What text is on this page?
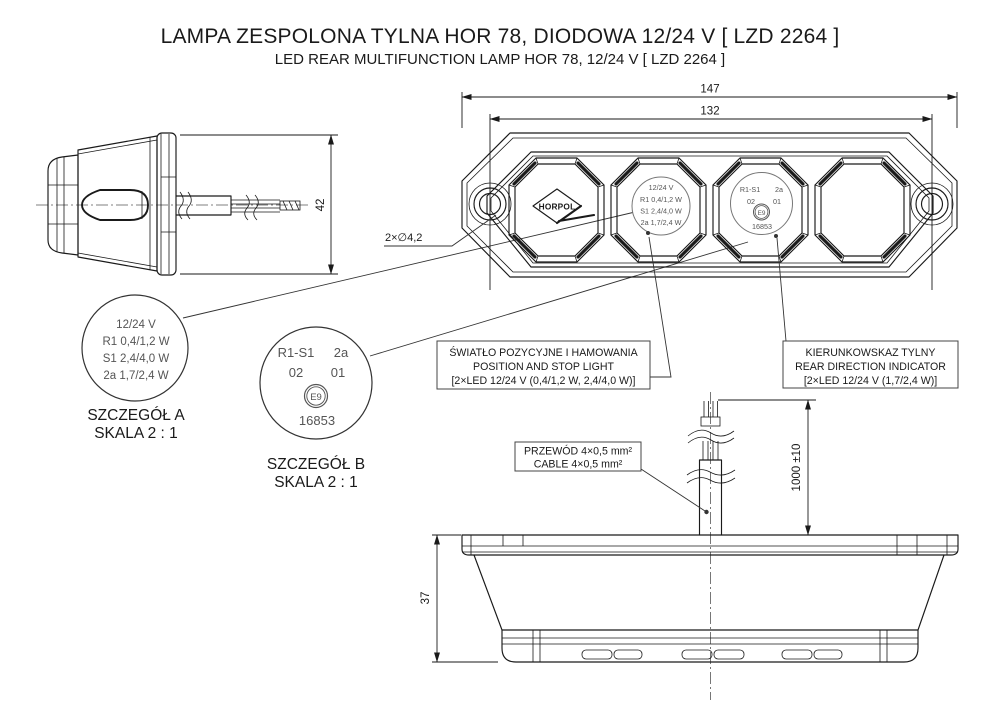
LAMPA ZESPOLONA TYLNA HOR 78, DIODOWA 12/24 V [ LZD 2264 ]
LED REAR MULTIFUNCTION LAMP HOR 78, 12/24 V [ LZD 2264 ]
42	HORPOL
12/24 V
R1 0,4/1,2 W
S1 2,4/4,0 W
2a 1,7/2,4 W
R1-S1 2a
02	01
E9
16853
147
132
2×∅4,2
12/24 V
R1 0,4/1,2 W
S1 2,4/4,0 W
2a 1,7/2,4 W
SZCZEGÓŁ A
SKALA 2 : 1
R1-S1 2a
02 01
E9
16853
SZCZEGÓŁ B
SKALA 2 : 1
ŚWIATŁO POZYCYJNE I HAMOWANIA
POSITION AND STOP LIGHT
[2×LED 12/24 V (0,4/1,2 W, 2,4/4,0 W)]
KIERUNKOWSKAZ TYLNY
REAR DIRECTION INDICATOR
[2×LED 12/24 V (1,7/2,4 W)]
PRZEWÓD 4×0,5 mm²
CABLE 4×0,5 mm²	1000 ±10
37
